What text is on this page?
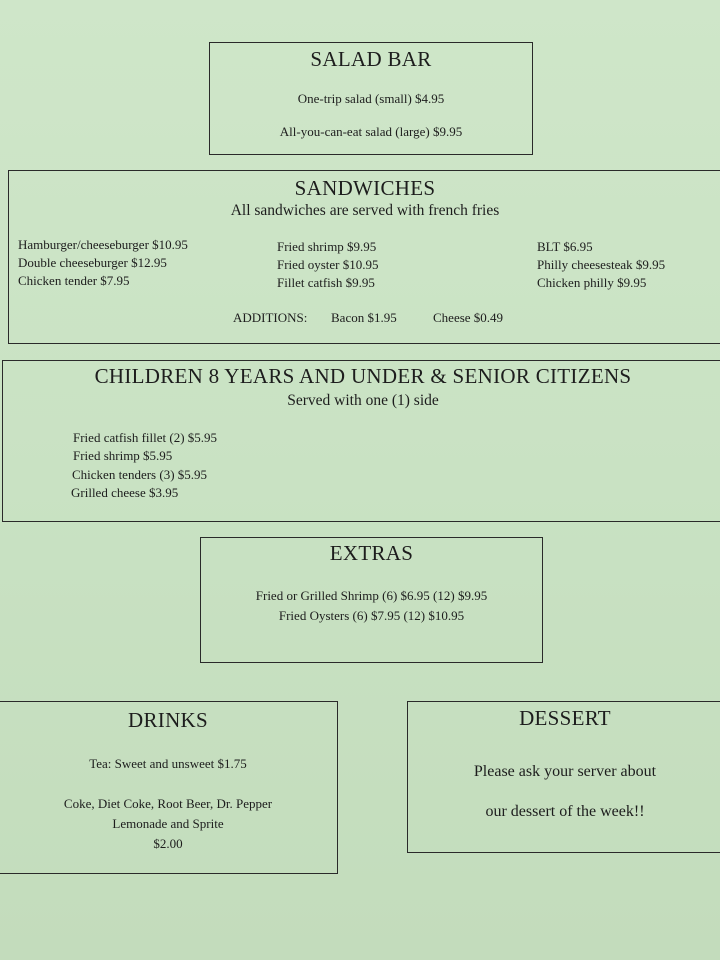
SALAD BAR
One-trip salad (small) $4.95
All-you-can-eat salad (large) $9.95
SANDWICHES
All sandwiches are served with french fries
Hamburger/cheeseburger $10.95
Double cheeseburger $12.95
Chicken tender $7.95
Fried shrimp $9.95
Fried oyster $10.95
Fillet catfish $9.95
BLT $6.95
Philly cheesesteak $9.95
Chicken philly $9.95
ADDITIONS: Bacon $1.95	Cheese $0.49
CHILDREN 8 YEARS AND UNDER & SENIOR CITIZENS
Served with one (1) side
Fried catfish fillet (2) $5.95
Fried shrimp $5.95
Chicken tenders (3) $5.95
Grilled cheese $3.95
EXTRAS
Fried or Grilled Shrimp (6) $6.95 (12) $9.95
Fried Oysters (6) $7.95 (12) $10.95
DRINKS
Tea: Sweet and unsweet $1.75
Coke, Diet Coke, Root Beer, Dr. Pepper
Lemonade and Sprite
$2.00
DESSERT
Please ask your server about
our dessert of the week!!
